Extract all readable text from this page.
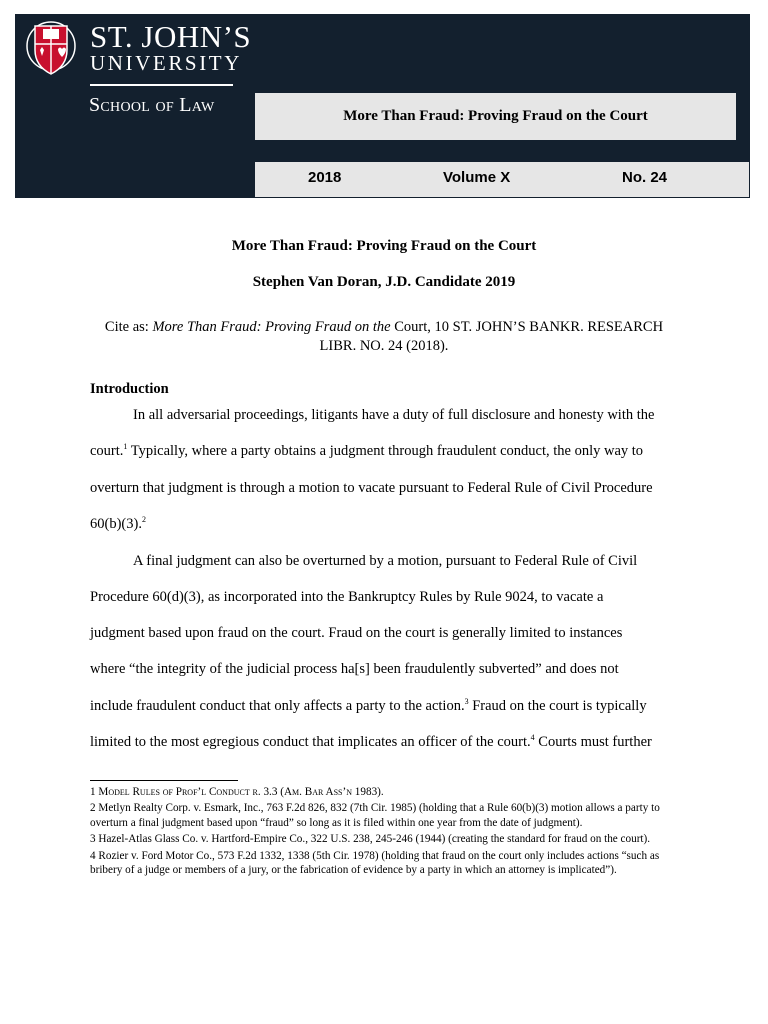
ST. JOHN’S
UNIVERSITY
School of Law	More Than Fraud: Proving Fraud on the Court
2018	Volume X	No. 24
More Than Fraud: Proving Fraud on the Court
Stephen Van Doran, J.D. Candidate 2019
Cite as: More Than Fraud: Proving Fraud on the Court, 10 ST. JOHN’S BANKR. RESEARCH LIBR. NO. 24 (2018).
Introduction
In all adversarial proceedings, litigants have a duty of full disclosure and honesty with the
court.$^1$ Typically, where a party obtains a judgment through fraudulent conduct, the only way to
overturn that judgment is through a motion to vacate pursuant to Federal Rule of Civil Procedure
60(b)(3).$^2$
A final judgment can also be overturned by a motion, pursuant to Federal Rule of Civil
Procedure 60(d)(3), as incorporated into the Bankruptcy Rules by Rule 9024, to vacate a
judgment based upon fraud on the court. Fraud on the court is generally limited to instances
where “the integrity of the judicial process ha[s] been fraudulently subverted” and does not
include fraudulent conduct that only affects a party to the action.$^3$ Fraud on the court is typically
limited to the most egregious conduct that implicates an officer of the court.$^4$ Courts must further
1 Model Rules of Prof’l Conduct r. 3.3 (Am. Bar Ass’n 1983).
2 Metlyn Realty Corp. v. Esmark, Inc., 763 F.2d 826, 832 (7th Cir. 1985) (holding that a Rule 60(b)(3) motion allows a party to overturn a final judgment based upon “fraud” so long as it is filed within one year from the date of judgment).
3 Hazel-Atlas Glass Co. v. Hartford-Empire Co., 322 U.S. 238, 245-246 (1944) (creating the standard for fraud on the court).
4 Rozier v. Ford Motor Co., 573 F.2d 1332, 1338 (5th Cir. 1978) (holding that fraud on the court only includes actions “such as bribery of a judge or members of a jury, or the fabrication of evidence by a party in which an attorney is implicated”).
